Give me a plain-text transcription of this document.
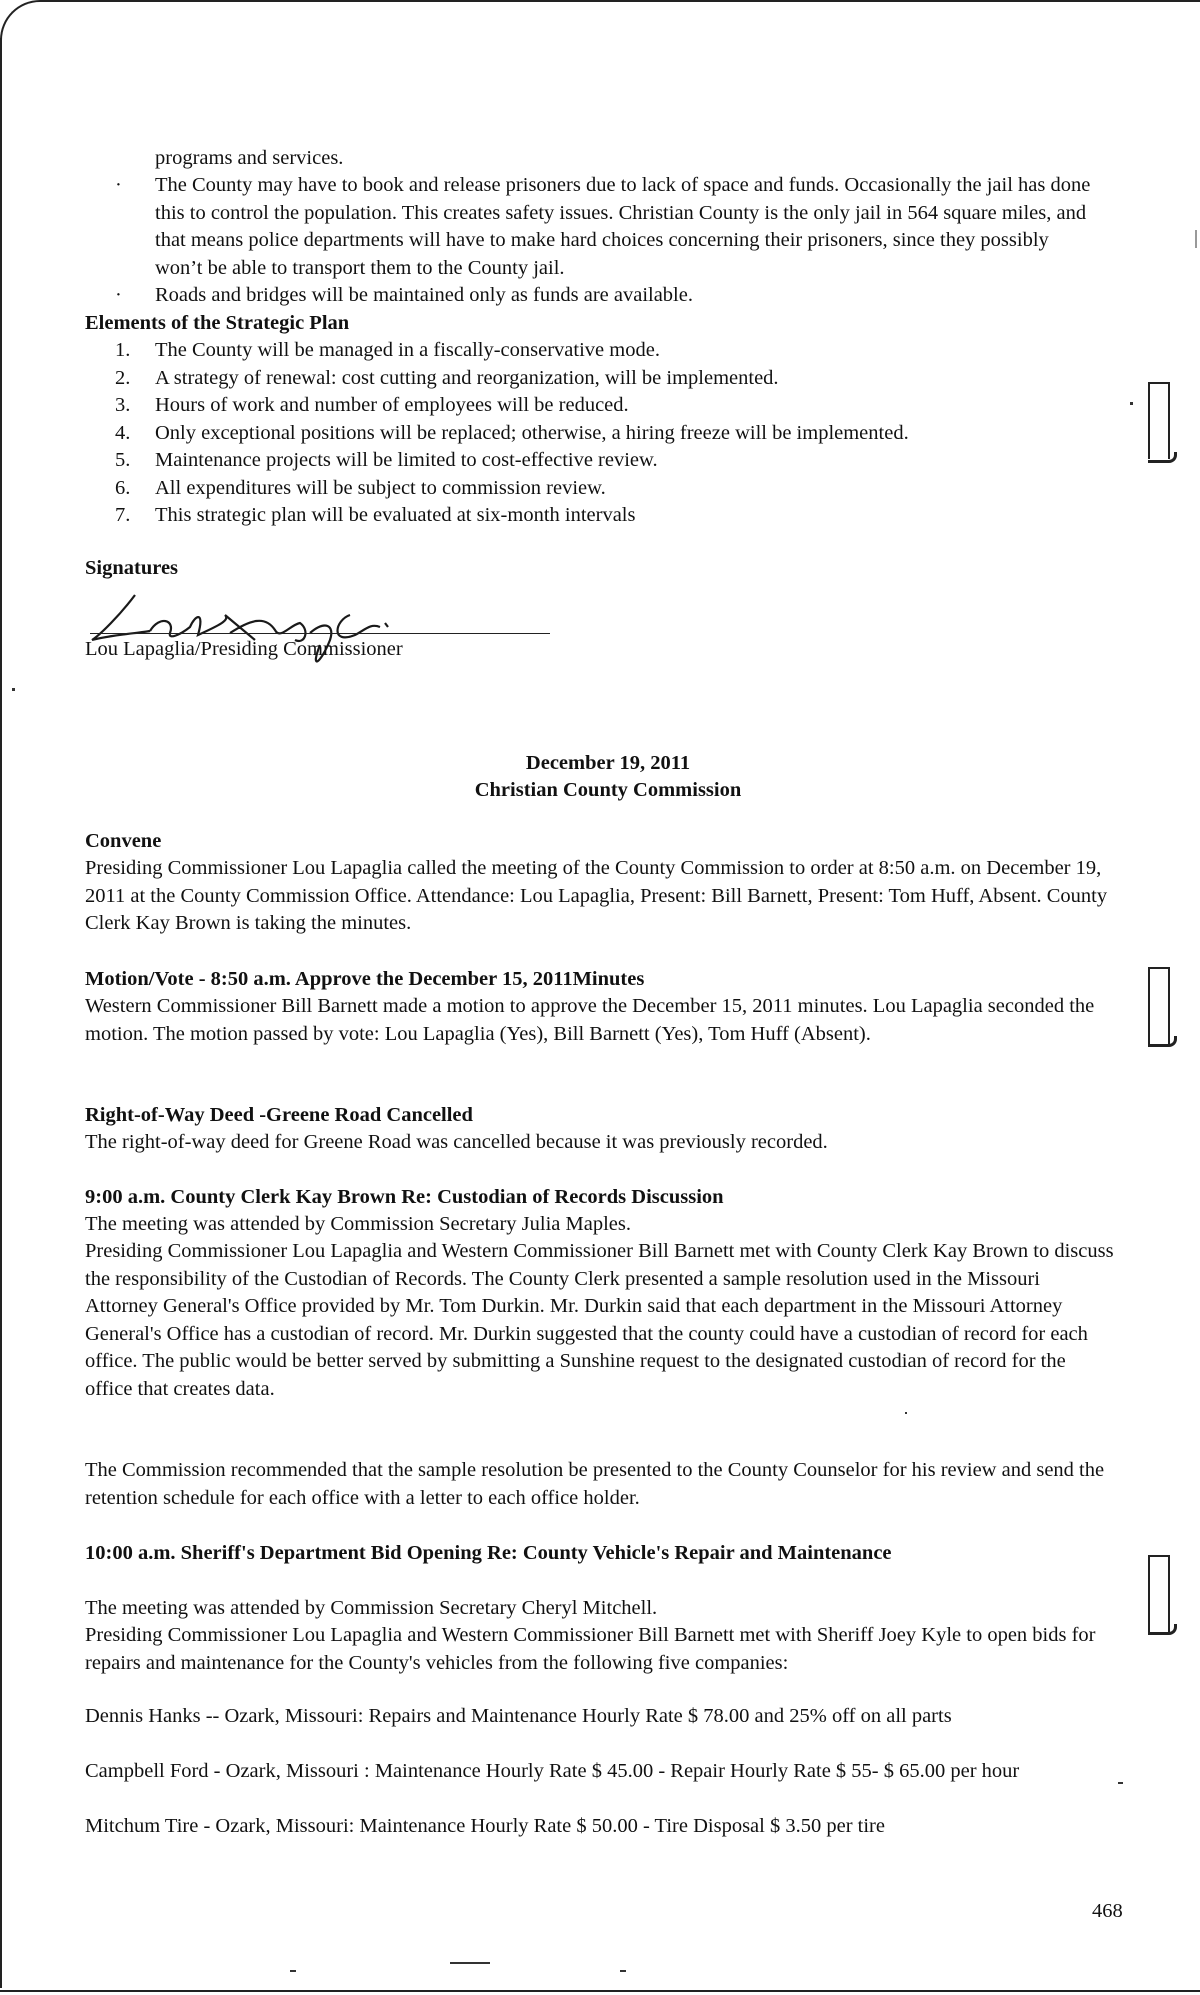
programs and services.
· The County may have to book and release prisoners due to lack of space and funds. Occasionally the jail has done this to control the population. This creates safety issues. Christian County is the only jail in 564 square miles, and that means police departments will have to make hard choices concerning their prisoners, since they possibly won’t be able to transport them to the County jail.
· Roads and bridges will be maintained only as funds are available.
Elements of the Strategic Plan
1. The County will be managed in a fiscally-conservative mode.
2. A strategy of renewal: cost cutting and reorganization, will be implemented.
3. Hours of work and number of employees will be reduced.
4. Only exceptional positions will be replaced; otherwise, a hiring freeze will be implemented.
5. Maintenance projects will be limited to cost-effective review.
6. All expenditures will be subject to commission review.
7. This strategic plan will be evaluated at six-month intervals
Signatures
Lou Lapaglia/Presiding Commissioner
December 19, 2011
Christian County Commission
Convene
Presiding Commissioner Lou Lapaglia called the meeting of the County Commission to order at 8:50 a.m. on December 19, 2011 at the County Commission Office. Attendance: Lou Lapaglia, Present: Bill Barnett, Present: Tom Huff, Absent. County Clerk Kay Brown is taking the minutes.
Motion/Vote - 8:50 a.m. Approve the December 15, 2011Minutes
Western Commissioner Bill Barnett made a motion to approve the December 15, 2011 minutes. Lou Lapaglia seconded the motion. The motion passed by vote: Lou Lapaglia (Yes), Bill Barnett (Yes), Tom Huff (Absent).
Right-of-Way Deed -Greene Road Cancelled
The right-of-way deed for Greene Road was cancelled because it was previously recorded.
9:00 a.m. County Clerk Kay Brown Re: Custodian of Records Discussion
The meeting was attended by Commission Secretary Julia Maples.
Presiding Commissioner Lou Lapaglia and Western Commissioner Bill Barnett met with County Clerk Kay Brown to discuss the responsibility of the Custodian of Records. The County Clerk presented a sample resolution used in the Missouri Attorney General's Office provided by Mr. Tom Durkin. Mr. Durkin said that each department in the Missouri Attorney General's Office has a custodian of record. Mr. Durkin suggested that the county could have a custodian of record for each office. The public would be better served by submitting a Sunshine request to the designated custodian of record for the office that creates data.
The Commission recommended that the sample resolution be presented to the County Counselor for his review and send the retention schedule for each office with a letter to each office holder.
10:00 a.m. Sheriff's Department Bid Opening Re: County Vehicle's Repair and Maintenance
The meeting was attended by Commission Secretary Cheryl Mitchell.
Presiding Commissioner Lou Lapaglia and Western Commissioner Bill Barnett met with Sheriff Joey Kyle to open bids for repairs and maintenance for the County's vehicles from the following five companies:
Dennis Hanks -- Ozark, Missouri: Repairs and Maintenance Hourly Rate $ 78.00 and 25% off on all parts
Campbell Ford - Ozark, Missouri : Maintenance Hourly Rate $ 45.00 - Repair Hourly Rate $ 55- $ 65.00 per hour
Mitchum Tire - Ozark, Missouri: Maintenance Hourly Rate $ 50.00 - Tire Disposal $ 3.50 per tire
468
